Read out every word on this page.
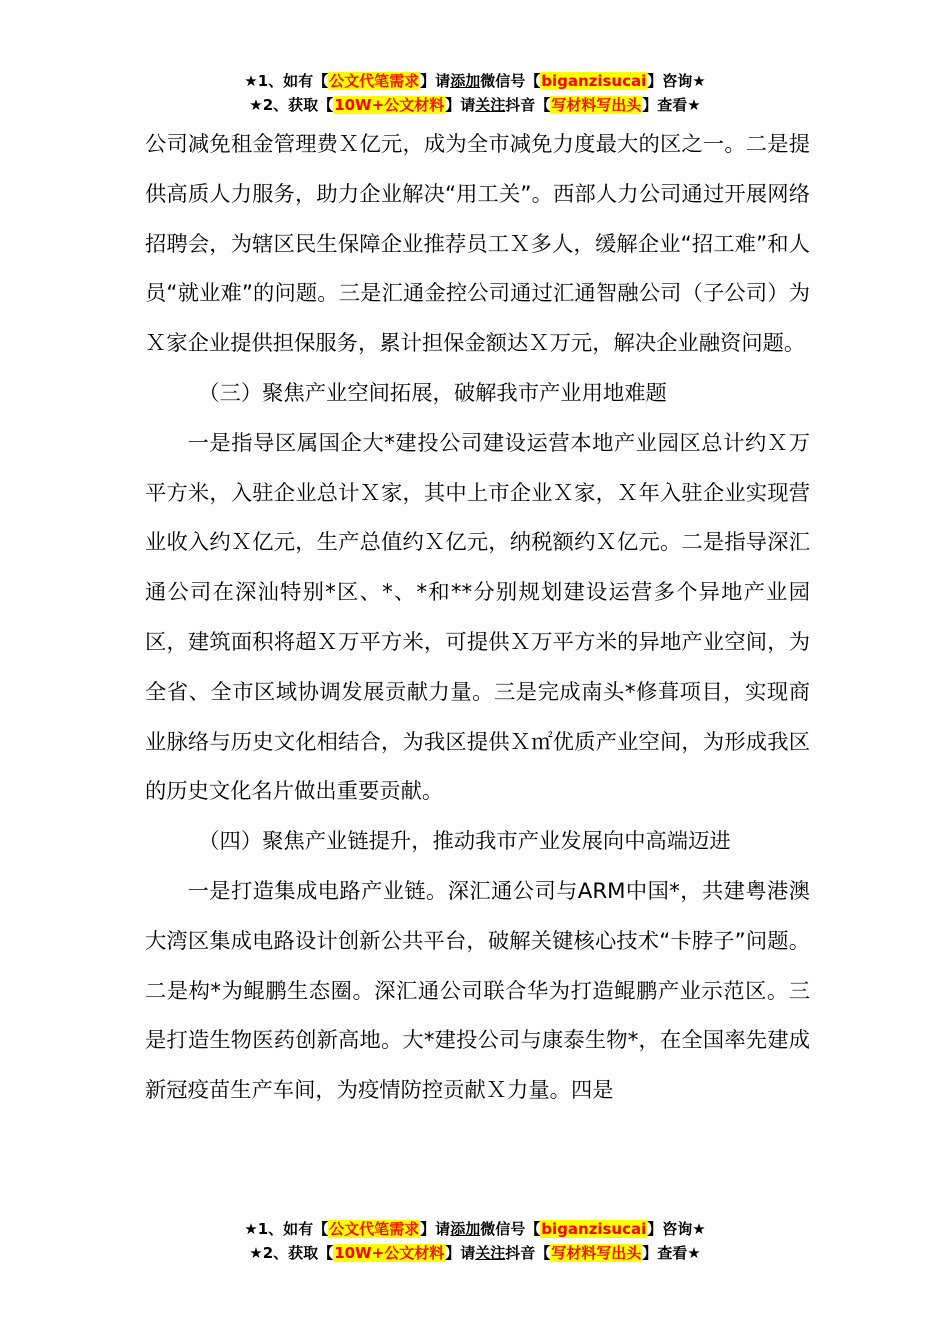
★1、如有【公文代笔需求】请添加微信号【biganzisucai】咨询★
★2、获取【10W+公文材料】请关注抖音【写材料写出头】查看★

公司减免租金管理费Ｘ亿元，成为全市减免力度最大的区之一。二是提供高质人力服务，助力企业解决“用工关”。西部人力公司通过开展网络招聘会，为辖区民生保障企业推荐员工Ｘ多人，缓解企业“招工难”和人员“就业难”的问题。三是汇通金控公司通过汇通智融公司（子公司）为Ｘ家企业提供担保服务，累计担保金额达Ｘ万元，解决企业融资问题。

（三）聚焦产业空间拓展，破解我市产业用地难题

一是指导区属国企大*建投公司建设运营本地产业园区总计约Ｘ万平方米，入驻企业总计Ｘ家，其中上市企业Ｘ家，Ｘ年入驻企业实现营业收入约Ｘ亿元，生产总值约Ｘ亿元，纳税额约Ｘ亿元。二是指导深汇通公司在深汕特别*区、*、*和**分别规划建设运营多个异地产业园区，建筑面积将超Ｘ万平方米，可提供Ｘ万平方米的异地产业空间，为全省、全市区域协调发展贡献力量。三是完成南头*修葺项目，实现商业脉络与历史文化相结合，为我区提供Ｘ㎡优质产业空间，为形成我区的历史文化名片做出重要贡献。

（四）聚焦产业链提升，推动我市产业发展向中高端迈进

一是打造集成电路产业链。深汇通公司与ARM中国*，共建粤港澳大湾区集成电路设计创新公共平台，破解关键核心技术“卡脖子”问题。二是构*为鲲鹏生态圈。深汇通公司联合华为打造鲲鹏产业示范区。三是打造生物医药创新高地。大*建投公司与康泰生物*，在全国率先建成新冠疫苗生产车间，为疫情防控贡献Ｘ力量。四是

★1、如有【公文代笔需求】请添加微信号【biganzisucai】咨询★
★2、获取【10W+公文材料】请关注抖音【写材料写出头】查看★
